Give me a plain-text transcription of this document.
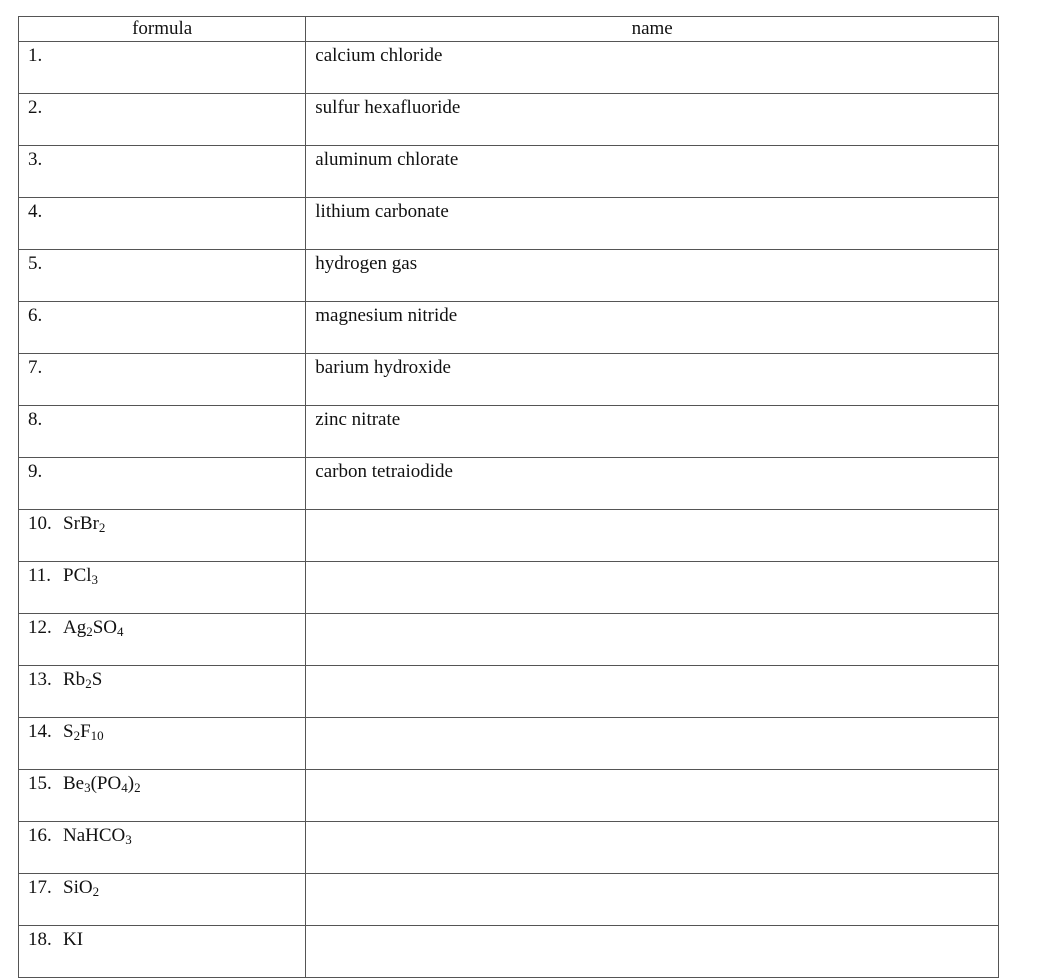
formula	name
1.	calcium chloride
2.	sulfur hexafluoride
3.	aluminum chlorate
4.	lithium carbonate
5.	hydrogen gas
6.	magnesium nitride
7.	barium hydroxide
8.	zinc nitrate
9.	carbon tetraiodide
10. SrBr$_2$	
11. PCl$_3$	
12. $Ag_2SO_4$	
13. $Rb_2S$	
14. $S_2F_{10}$	
15. $Be_3(PO_4)_2$	
16. NaHCO$_3$	
17. SiO$_2$	
18. KI	
